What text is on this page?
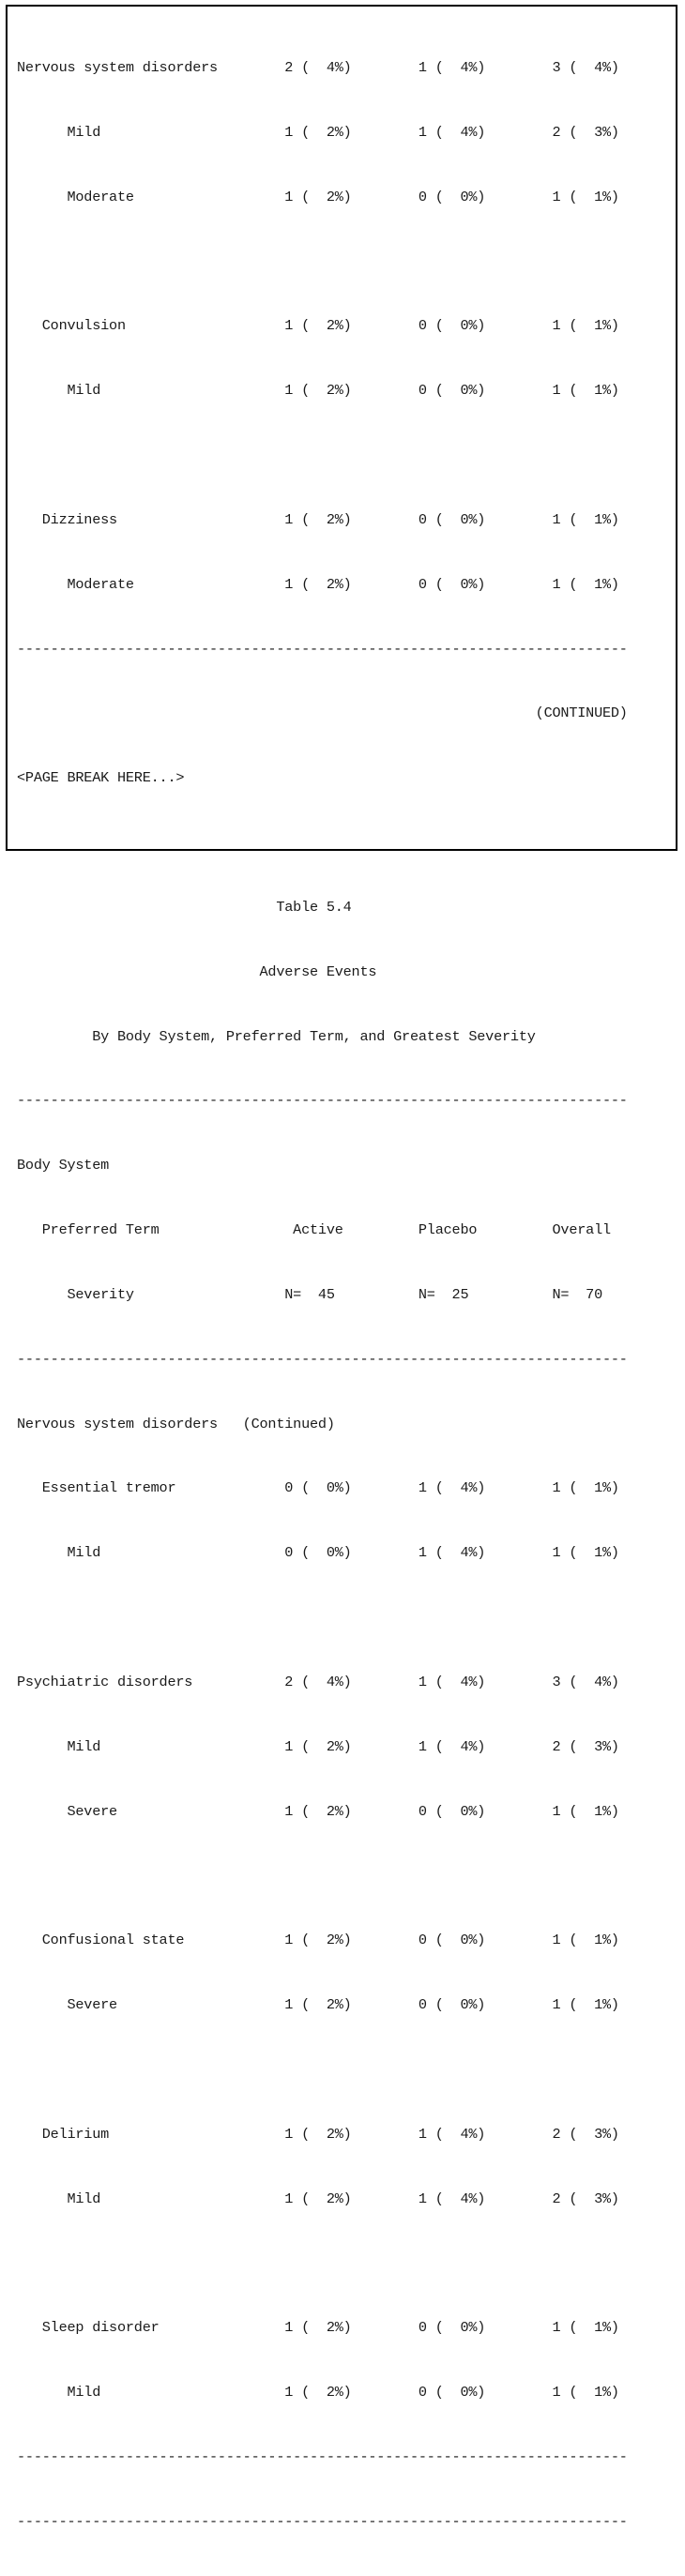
Nervous system disorders        2 (  4%)        1 (  4%)        3 (  4%)

Mild                      1 (  2%)        1 (  4%)        2 (  3%)

Moderate                  1 (  2%)        0 (  0%)        1 (  1%)

Convulsion                   1 (  2%)        0 (  0%)        1 (  1%)

Mild                      1 (  2%)        0 (  0%)        1 (  1%)

Dizziness                    1 (  2%)        0 (  0%)        1 (  1%)

Moderate                  1 (  2%)        0 (  0%)        1 (  1%)

-------------------------------------------------------------------------

(CONTINUED)

<PAGE BREAK HERE...>

Table 5.4

Adverse Events

By Body System, Preferred Term, and Greatest Severity

-------------------------------------------------------------------------

Body System

Preferred Term                Active         Placebo         Overall

Severity                  N=  45          N=  25          N=  70

-------------------------------------------------------------------------

Nervous system disorders   (Continued)

Essential tremor             0 (  0%)        1 (  4%)        1 (  1%)

Mild                      0 (  0%)        1 (  4%)        1 (  1%)

Psychiatric disorders           2 (  4%)        1 (  4%)        3 (  4%)

Mild                      1 (  2%)        1 (  4%)        2 (  3%)

Severe                    1 (  2%)        0 (  0%)        1 (  1%)

Confusional state            1 (  2%)        0 (  0%)        1 (  1%)

Severe                    1 (  2%)        0 (  0%)        1 (  1%)

Delirium                     1 (  2%)        1 (  4%)        2 (  3%)

Mild                      1 (  2%)        1 (  4%)        2 (  3%)

Sleep disorder               1 (  2%)        0 (  0%)        1 (  1%)

Mild                      1 (  2%)        0 (  0%)        1 (  1%)

-------------------------------------------------------------------------

-------------------------------------------------------------------------
